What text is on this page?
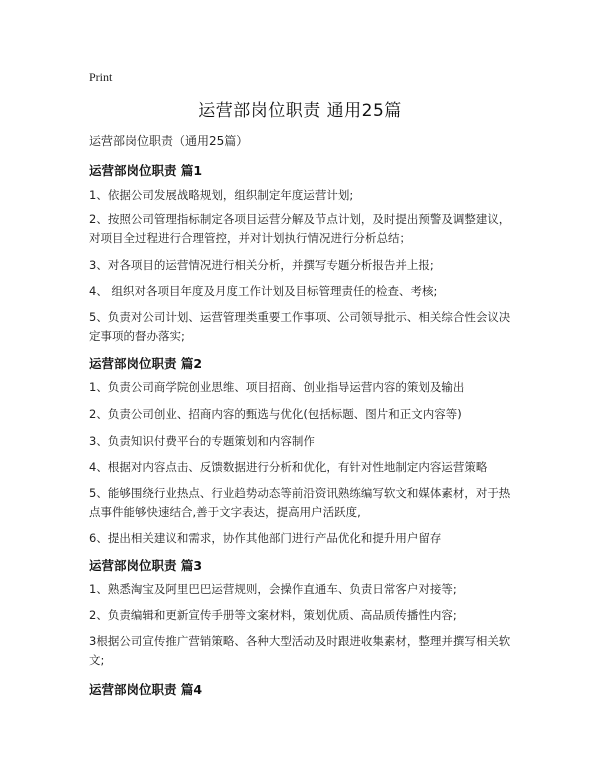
Print
运营部岗位职责 通用25篇
运营部岗位职责（通用25篇）
运营部岗位职责 篇1
1、依据公司发展战略规划，组织制定年度运营计划;
2、按照公司管理指标制定各项目运营分解及节点计划，及时提出预警及调整建议，对项目全过程进行合理管控，并对计划执行情况进行分析总结；
3、对各项目的运营情况进行相关分析，并撰写专题分析报告并上报;
4、 组织对各项目年度及月度工作计划及目标管理责任的检查、考核;
5、负责对公司计划、运营管理类重要工作事项、公司领导批示、相关综合性会议决定事项的督办落实;
运营部岗位职责 篇2
1、负责公司商学院创业思维、项目招商、创业指导运营内容的策划及输出
2、负责公司创业、招商内容的甄选与优化(包括标题、图片和正文内容等)
3、负责知识付费平台的专题策划和内容制作
4、根据对内容点击、反馈数据进行分析和优化，有针对性地制定内容运营策略
5、能够围绕行业热点、行业趋势动态等前沿资讯熟练编写软文和媒体素材，对于热点事件能够快速结合,善于文字表达，提高用户活跃度,
6、提出相关建议和需求，协作其他部门进行产品优化和提升用户留存
运营部岗位职责 篇3
1、熟悉淘宝及阿里巴巴运营规则，会操作直通车、负责日常客户对接等;
2、负责编辑和更新宣传手册等文案材料，策划优质、高品质传播性内容;
3根据公司宣传推广营销策略、各种大型活动及时跟进收集素材，整理并撰写相关软文;
运营部岗位职责 篇4
